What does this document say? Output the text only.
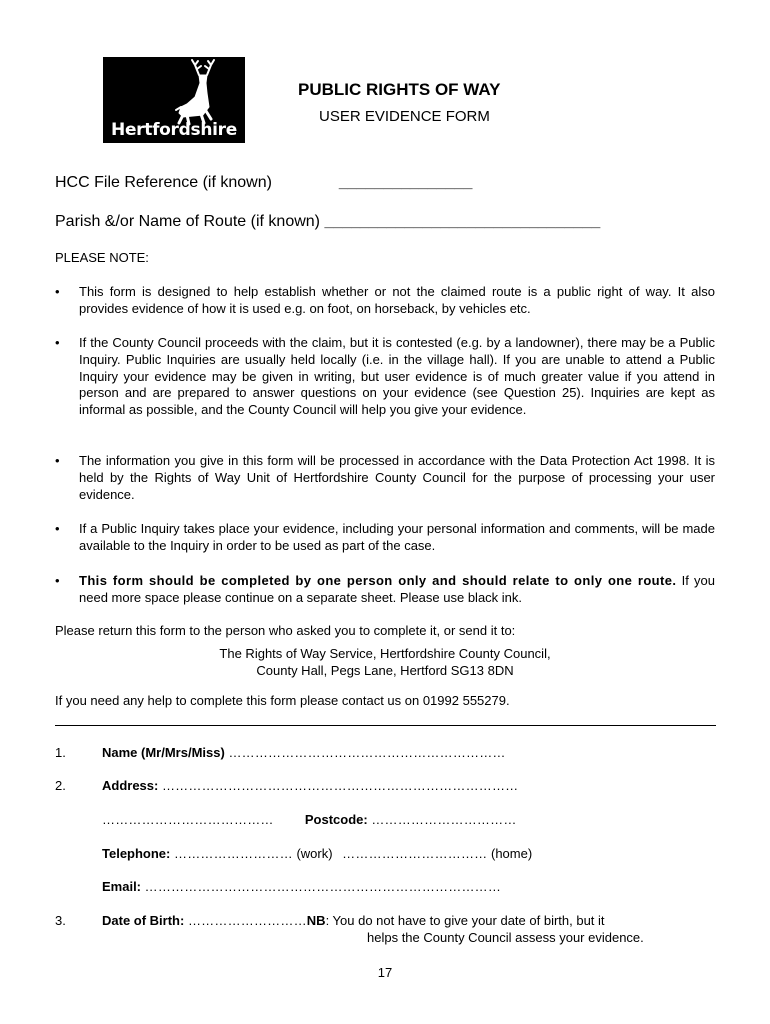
Hertfordshire
PUBLIC RIGHTS OF WAY
USER EVIDENCE FORM
HCC File Reference (if known)	_______________
Parish &/or Name of Route (if known) _______________________________
PLEASE NOTE:
• This form is designed to help establish whether or not the claimed route is a public right of way. It also provides evidence of how it is used e.g. on foot, on horseback, by vehicles etc.
• If the County Council proceeds with the claim, but it is contested (e.g. by a landowner), there may be a Public Inquiry. Public Inquiries are usually held locally (i.e. in the village hall). If you are unable to attend a Public Inquiry your evidence may be given in writing, but user evidence is of much greater value if you attend in person and are prepared to answer questions on your evidence (see Question 25). Inquiries are kept as informal as possible, and the County Council will help you give your evidence.
• The information you give in this form will be processed in accordance with the Data Protection Act 1998. It is held by the Rights of Way Unit of Hertfordshire County Council for the purpose of processing your user evidence.
• If a Public Inquiry takes place your evidence, including your personal information and comments, will be made available to the Inquiry in order to be used as part of the case.
• This form should be completed by one person only and should relate to only one route. If you need more space please continue on a separate sheet. Please use black ink.
Please return this form to the person who asked you to complete it, or send it to:
The Rights of Way Service, Hertfordshire County Council,
County Hall, Pegs Lane, Hertford SG13 8DN
If you need any help to complete this form please contact us on 01992 555279.
1.	Name (Mr/Mrs/Miss) ………………………………………………………
2.	Address: ………………………………………………………………………
………………………………… Postcode: ……………………………
Telephone: ……………………… (work) …………………………… (home)
Email: ………………………………………………………………………
3.	Date of Birth: ………………………NB: You do not have to give your date of birth, but it
helps the County Council assess your evidence.
17
